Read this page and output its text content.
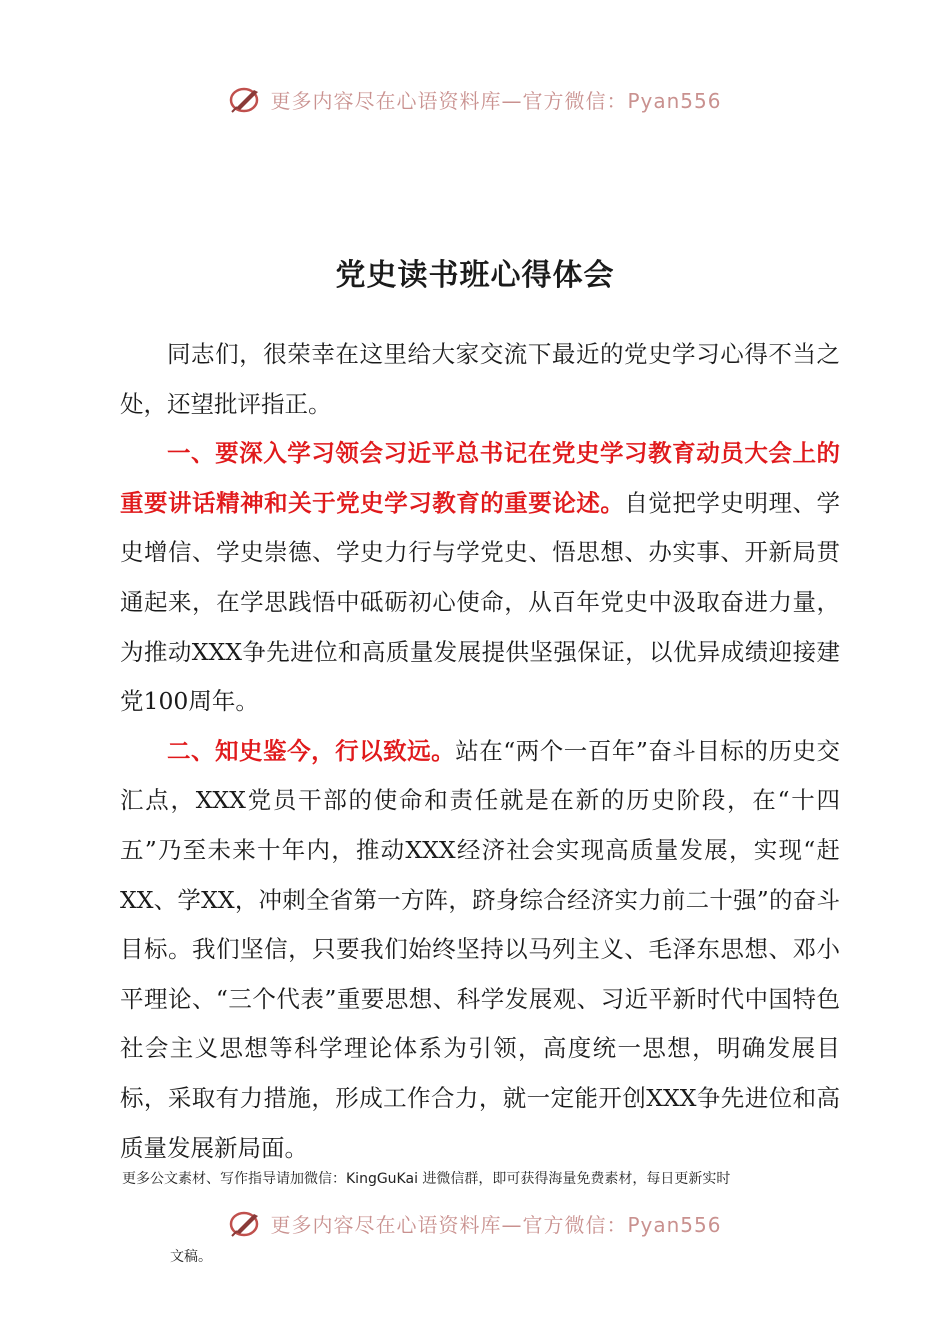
更多内容尽在心语资料库—官方微信：Pyan556
党史读书班心得体会

同志们，很荣幸在这里给大家交流下最近的党史学习心得不当之处，还望批评指正。

一、要深入学习领会习近平总书记在党史学习教育动员大会上的重要讲话精神和关于党史学习教育的重要论述。自觉把学史明理、学史增信、学史崇德、学史力行与学党史、悟思想、办实事、开新局贯通起来，在学思践悟中砥砺初心使命，从百年党史中汲取奋进力量，为推动XXX争先进位和高质量发展提供坚强保证，以优异成绩迎接建党100周年。

二、知史鉴今，行以致远。站在“两个一百年”奋斗目标的历史交汇点，XXX党员干部的使命和责任就是在新的历史阶段，在“十四五”乃至未来十年内，推动XXX经济社会实现高质量发展，实现“赶XX、学XX，冲刺全省第一方阵，跻身综合经济实力前二十强”的奋斗目标。我们坚信，只要我们始终坚持以马列主义、毛泽东思想、邓小平理论、“三个代表”重要思想、科学发展观、习近平新时代中国特色社会主义思想等科学理论体系为引领，高度统一思想，明确发展目标，采取有力措施，形成工作合力，就一定能开创XXX争先进位和高质量发展新局面。

更多公文素材、写作指导请加微信：KingGuKai 进微信群，即可获得海量免费素材，每日更新实时
更多内容尽在心语资料库—官方微信：Pyan556
文稿。
